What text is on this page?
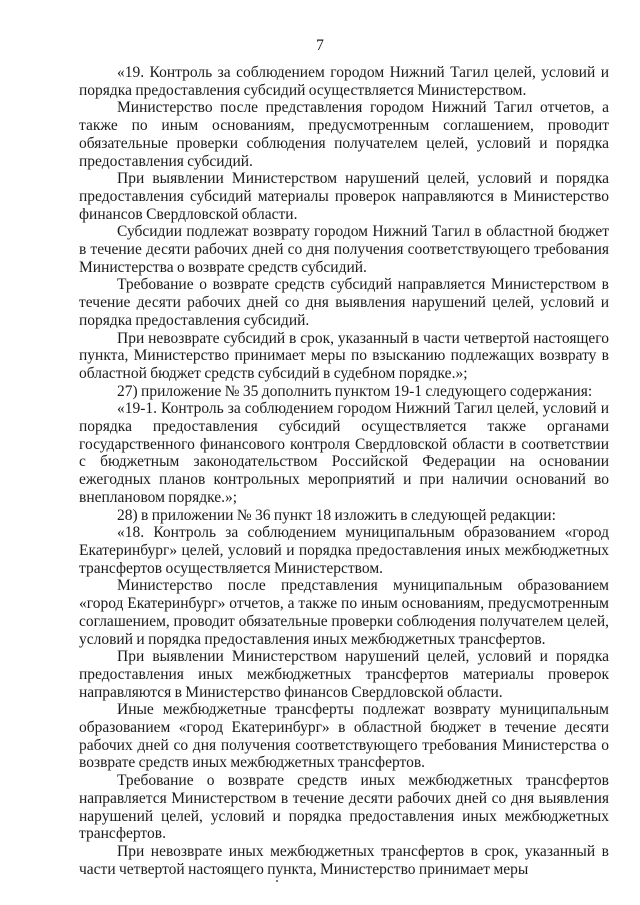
7

«19. Контроль за соблюдением городом Нижний Тагил целей, условий и порядка предоставления субсидий осуществляется Министерством.

Министерство после представления городом Нижний Тагил отчетов, а также по иным основаниям, предусмотренным соглашением, проводит обязательные проверки соблюдения получателем целей, условий и порядка предоставления субсидий.

При выявлении Министерством нарушений целей, условий и порядка предоставления субсидий материалы проверок направляются в Министерство финансов Свердловской области.

Субсидии подлежат возврату городом Нижний Тагил в областной бюджет в течение десяти рабочих дней со дня получения соответствующего требования Министерства о возврате средств субсидий.

Требование о возврате средств субсидий направляется Министерством в течение десяти рабочих дней со дня выявления нарушений целей, условий и порядка предоставления субсидий.

При невозврате субсидий в срок, указанный в части четвертой настоящего пункта, Министерство принимает меры по взысканию подлежащих возврату в областной бюджет средств субсидий в судебном порядке.»;

27) приложение № 35 дополнить пунктом 19-1 следующего содержания:

«19-1. Контроль за соблюдением городом Нижний Тагил целей, условий и порядка предоставления субсидий осуществляется также органами государственного финансового контроля Свердловской области в соответствии с бюджетным законодательством Российской Федерации на основании ежегодных планов контрольных мероприятий и при наличии оснований во внеплановом порядке.»;

28) в приложении № 36 пункт 18 изложить в следующей редакции:

«18. Контроль за соблюдением муниципальным образованием «город Екатеринбург» целей, условий и порядка предоставления иных межбюджетных трансфертов осуществляется Министерством.

Министерство после представления муниципальным образованием «город Екатеринбург» отчетов, а также по иным основаниям, предусмотренным соглашением, проводит обязательные проверки соблюдения получателем целей, условий и порядка предоставления иных межбюджетных трансфертов.

При выявлении Министерством нарушений целей, условий и порядка предоставления иных межбюджетных трансфертов материалы проверок направляются в Министерство финансов Свердловской области.

Иные межбюджетные трансферты подлежат возврату муниципальным образованием «город Екатеринбург» в областной бюджет в течение десяти рабочих дней со дня получения соответствующего требования Министерства о возврате средств иных межбюджетных трансфертов.

Требование о возврате средств иных межбюджетных трансфертов направляется Министерством в течение десяти рабочих дней со дня выявления нарушений целей, условий и порядка предоставления иных межбюджетных трансфертов.

При невозврате иных межбюджетных трансфертов в срок, указанный в части четвертой настоящего пункта, Министерство принимает меры
